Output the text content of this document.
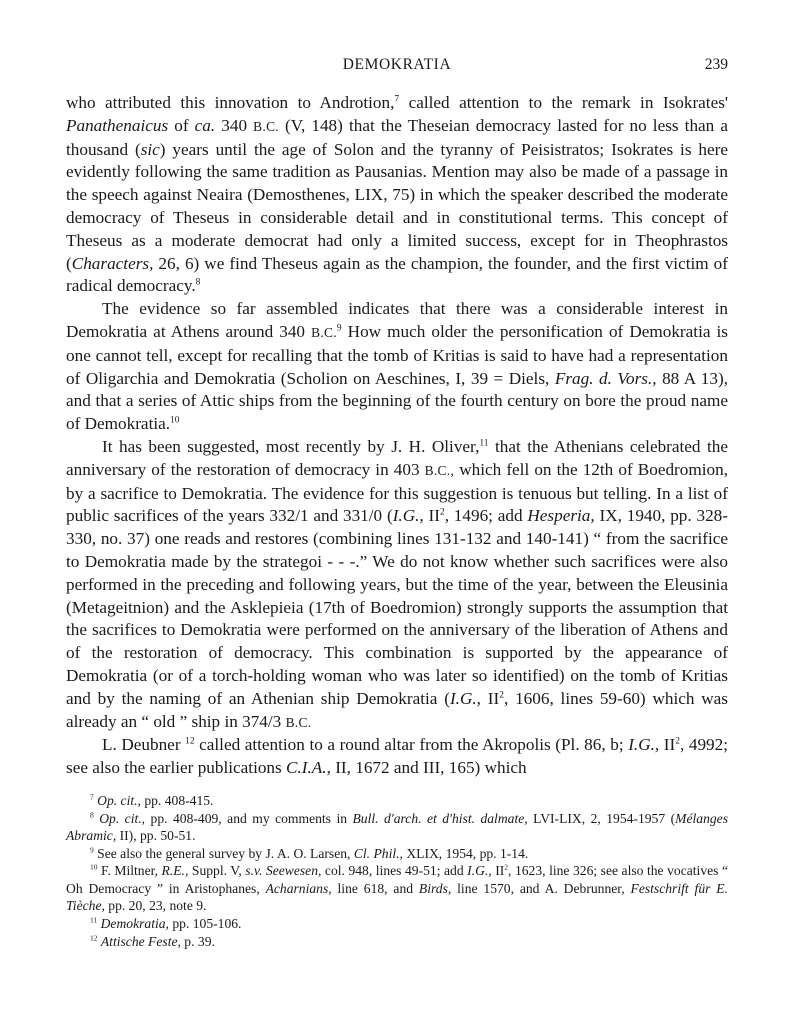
DEMOKRATIA	239

who attributed this innovation to Androtion,$^7$ called attention to the remark in Isokrates' Panathenaicus of ca. 340 B.C. (V, 148) that the Theseian democracy lasted for no less than a thousand (sic) years until the age of Solon and the tyranny of Peisistratos; Isokrates is here evidently following the same tradition as Pausanias. Mention may also be made of a passage in the speech against Neaira (Demosthenes, LIX, 75) in which the speaker described the moderate democracy of Theseus in considerable detail and in constitutional terms. This concept of Theseus as a moderate democrat had only a limited success, except for in Theophrastos (Characters, 26, 6) we find Theseus again as the champion, the founder, and the first victim of radical democracy.$^8$

The evidence so far assembled indicates that there was a considerable interest in Demokratia at Athens around 340 B.C.$^9$ How much older the personification of Demokratia is one cannot tell, except for recalling that the tomb of Kritias is said to have had a representation of Oligarchia and Demokratia (Scholion on Aeschines, I, 39 = Diels, Frag. d. Vors., 88 A 13), and that a series of Attic ships from the beginning of the fourth century on bore the proud name of Demokratia.$^{10}$

It has been suggested, most recently by J. H. Oliver,$^{11}$ that the Athenians celebrated the anniversary of the restoration of democracy in 403 B.C., which fell on the 12th of Boedromion, by a sacrifice to Demokratia. The evidence for this suggestion is tenuous but telling. In a list of public sacrifices of the years 332/1 and 331/0 (I.G., $II^2$, 1496; add Hesperia, IX, 1940, pp. 328-330, no. 37) one reads and restores (combining lines 131-132 and 140-141) “ from the sacrifice to Demokratia made by the strategoi - - -.” We do not know whether such sacrifices were also performed in the preceding and following years, but the time of the year, between the Eleusinia (Metageitnion) and the Asklepieia (17th of Boedromion) strongly supports the assumption that the sacrifices to Demokratia were performed on the anniversary of the liberation of Athens and of the restoration of democracy. This combination is supported by the appearance of Demokratia (or of a torch-holding woman who was later so identified) on the tomb of Kritias and by the naming of an Athenian ship Demokratia (I.G., $II^2$, 1606, lines 59-60) which was already an “ old ” ship in 374/3 B.C.

L. Deubner $^{12}$ called attention to a round altar from the Akropolis (Pl. 86, b; I.G., $II^2$, 4992; see also the earlier publications C.I.A., II, 1672 and III, 165) which

$^7$ Op. cit., pp. 408-415.

$^8$ Op. cit., pp. 408-409, and my comments in Bull. d'arch. et d'hist. dalmate, LVI-LIX, 2, 1954-1957 (Mélanges Abramic, II), pp. 50-51.

$^9$ See also the general survey by J. A. O. Larsen, Cl. Phil., XLIX, 1954, pp. 1-14.

$^{10}$ F. Miltner, R.E., Suppl. V, s.v. Seewesen, col. 948, lines 49-51; add I.G., $II^2$, 1623, line 326; see also the vocatives “ Oh Democracy ” in Aristophanes, Acharnians, line 618, and Birds, line 1570, and A. Debrunner, Festschrift für E. Tièche, pp. 20, 23, note 9.

$^{11}$ Demokratia, pp. 105-106.

$^{12}$ Attische Feste, p. 39.
